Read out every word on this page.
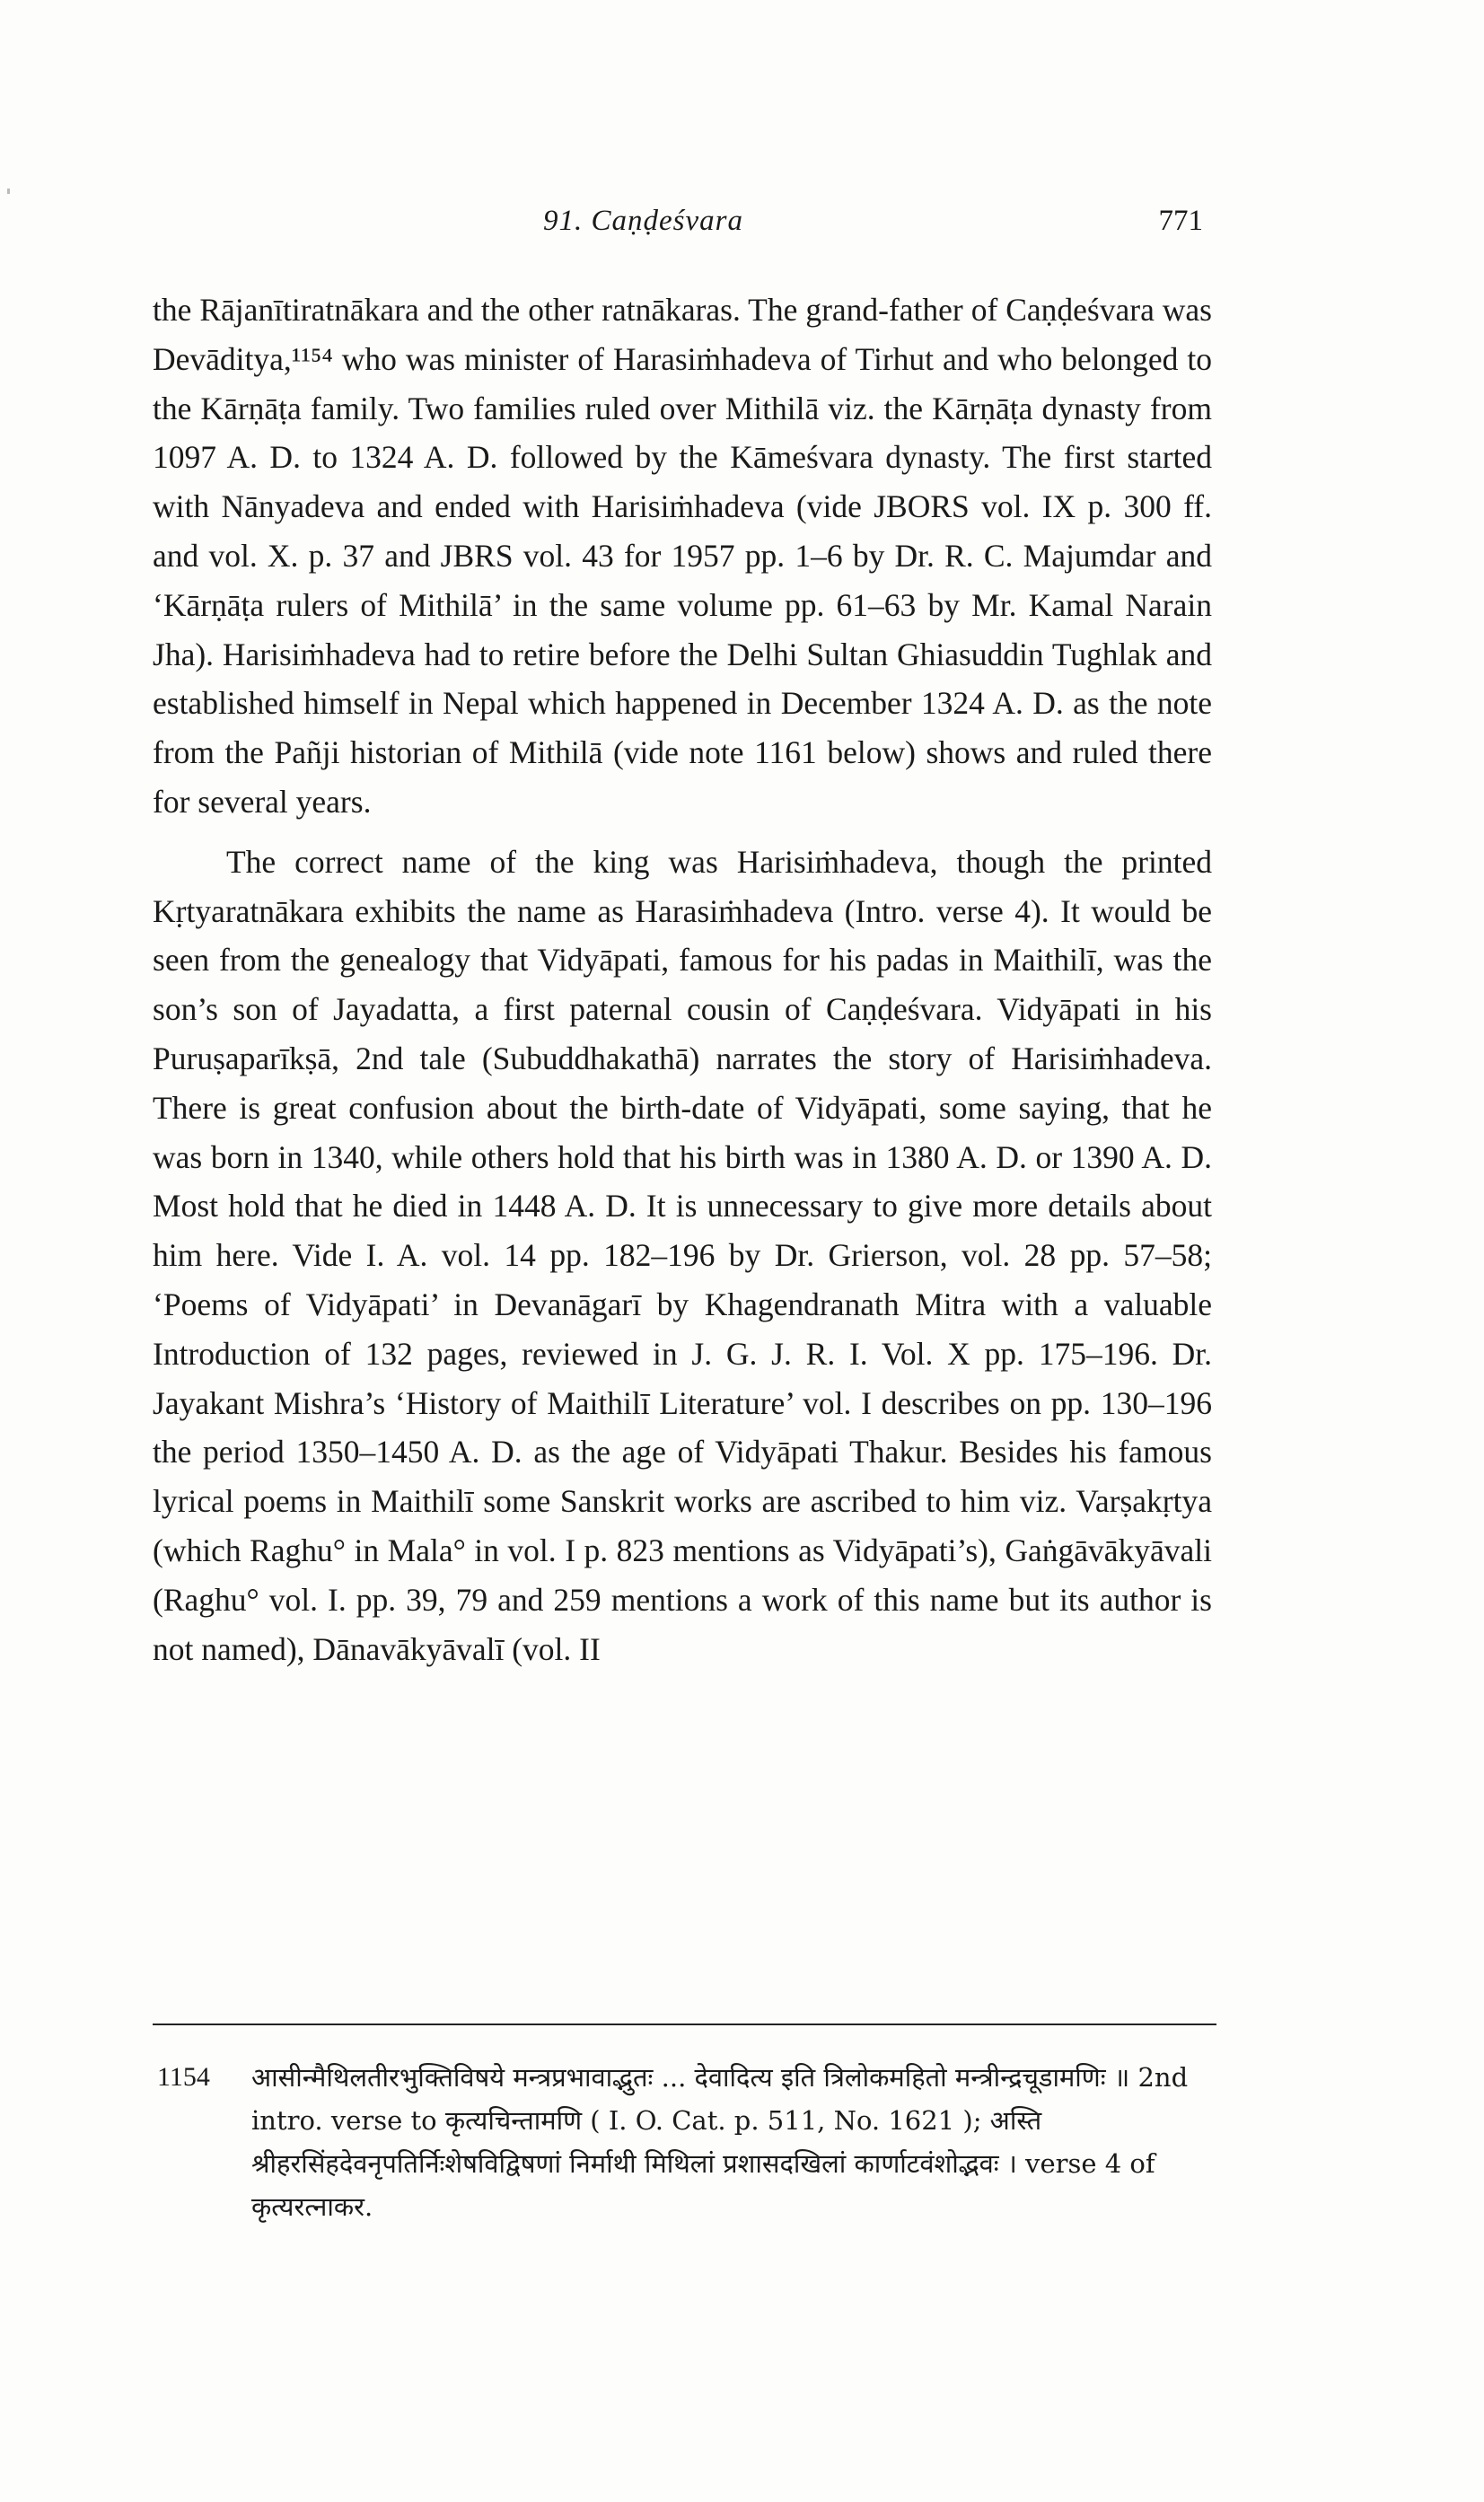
91. Caṇḍeśvara	771

the Rājanītiratnākara and the other ratnākaras. The grand-father of Caṇḍeśvara was Devāditya,¹¹⁵⁴ who was minister of Harasiṁhadeva of Tirhut and who belonged to the Kārṇāṭa family. Two families ruled over Mithilā viz. the Kārṇāṭa dynasty from 1097 A. D. to 1324 A. D. followed by the Kāmeśvara dynasty. The first started with Nānyadeva and ended with Harisiṁhadeva (vide JBORS vol. IX p. 300 ff. and vol. X. p. 37 and JBRS vol. 43 for 1957 pp. 1–6 by Dr. R. C. Majumdar and ‘Kārṇāṭa rulers of Mithilā’ in the same volume pp. 61–63 by Mr. Kamal Narain Jha). Harisiṁhadeva had to retire before the Delhi Sultan Ghiasuddin Tughlak and established himself in Nepal which happened in December 1324 A. D. as the note from the Pañji historian of Mithilā (vide note 1161 below) shows and ruled there for several years.

The correct name of the king was Harisiṁhadeva, though the printed Kṛtyaratnākara exhibits the name as Harasiṁhadeva (Intro. verse 4). It would be seen from the genealogy that Vidyāpati, famous for his padas in Maithilī, was the son’s son of Jayadatta, a first paternal cousin of Caṇḍeśvara. Vidyāpati in his Puruṣaparīkṣā, 2nd tale (Subuddhakathā) narrates the story of Harisiṁhadeva. There is great confusion about the birth-date of Vidyāpati, some saying, that he was born in 1340, while others hold that his birth was in 1380 A. D. or 1390 A. D. Most hold that he died in 1448 A. D. It is unnecessary to give more details about him here. Vide I. A. vol. 14 pp. 182–196 by Dr. Grierson, vol. 28 pp. 57–58; ‘Poems of Vidyāpati’ in Devanāgarī by Khagendranath Mitra with a valuable Introduction of 132 pages, reviewed in J. G. J. R. I. Vol. X pp. 175–196. Dr. Jayakant Mishra’s ‘History of Maithilī Literature’ vol. I describes on pp. 130–196 the period 1350–1450 A. D. as the age of Vidyāpati Thakur. Besides his famous lyrical poems in Maithilī some Sanskrit works are ascribed to him viz. Varṣakṛtya (which Raghu° in Mala° in vol. I p. 823 mentions as Vidyāpati’s), Gaṅgāvākyāvali (Raghu° vol. I. pp. 39, 79 and 259 mentions a work of this name but its author is not named), Dānavākyāvalī (vol. II

1154 आसीन्मैथिलतीरभुक्तिविषये मन्त्रप्रभावाद्भुतः ... देवादित्य इति त्रिलोकमहितो मन्त्रीन्द्रचूडामणिः ॥ 2nd intro. verse to कृत्यचिन्तामणि ( I. O. Cat. p. 511, No. 1621 ); अस्ति श्रीहरसिंहदेवनृपतिर्निःशेषविद्विषणां निर्माथी मिथिलां प्रशासदखिलां कार्णाटवंशोद्भवः । verse 4 of कृत्यरत्नाकर.
